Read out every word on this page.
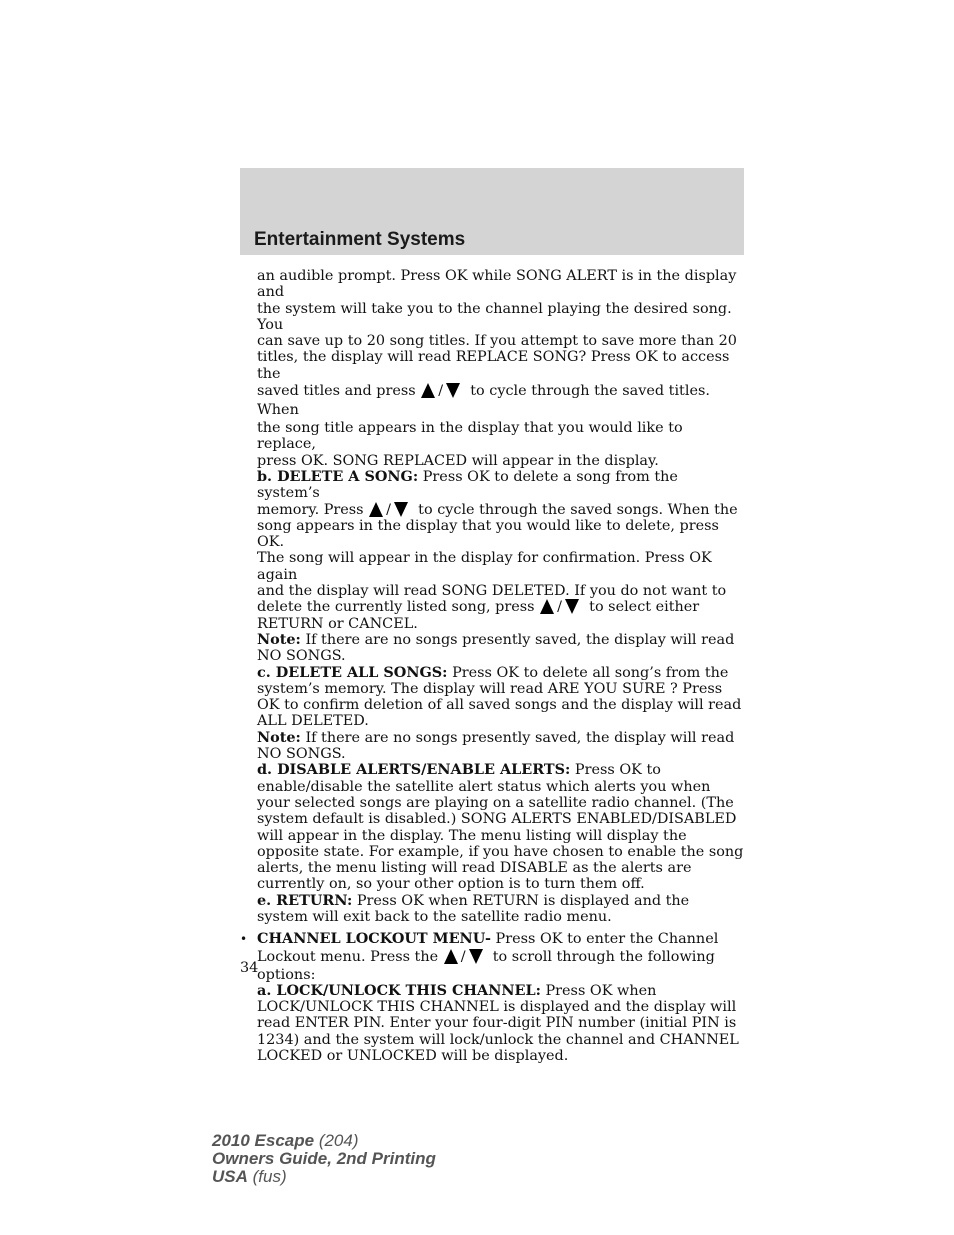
Entertainment Systems

an audible prompt. Press OK while SONG ALERT is in the display and
the system will take you to the channel playing the desired song. You
can save up to 20 song titles. If you attempt to save more than 20
titles, the display will read REPLACE SONG? Press OK to access the
saved titles and press / to cycle through the saved titles. When
the song title appears in the display that you would like to replace,
press OK. SONG REPLACED will appear in the display.

b. DELETE A SONG: Press OK to delete a song from the system’s
memory. Press / to cycle through the saved songs. When the
song appears in the display that you would like to delete, press OK.
The song will appear in the display for confirmation. Press OK again
and the display will read SONG DELETED. If you do not want to
delete the currently listed song, press / to select either
RETURN or CANCEL.

Note: If there are no songs presently saved, the display will read NO SONGS.

c. DELETE ALL SONGS: Press OK to delete all song’s from the system’s memory. The display will read ARE YOU SURE ? Press OK to confirm deletion of all saved songs and the display will read ALL DELETED.

Note: If there are no songs presently saved, the display will read NO SONGS.

d. DISABLE ALERTS/ENABLE ALERTS: Press OK to enable/disable the satellite alert status which alerts you when your selected songs are playing on a satellite radio channel. (The system default is disabled.) SONG ALERTS ENABLED/DISABLED will appear in the display. The menu listing will display the opposite state. For example, if you have chosen to enable the song alerts, the menu listing will read DISABLE as the alerts are currently on, so your other option is to turn them off.

e. RETURN: Press OK when RETURN is displayed and the system will exit back to the satellite radio menu.

• CHANNEL LOCKOUT MENU- Press OK to enter the Channel
Lockout menu. Press the / to scroll through the following
options:

a. LOCK/UNLOCK THIS CHANNEL: Press OK when LOCK/UNLOCK THIS CHANNEL is displayed and the display will read ENTER PIN. Enter your four-digit PIN number (initial PIN is 1234) and the system will lock/unlock the channel and CHANNEL LOCKED or UNLOCKED will be displayed.

34
2010 Escape (204)
Owners Guide, 2nd Printing
USA (fus)
